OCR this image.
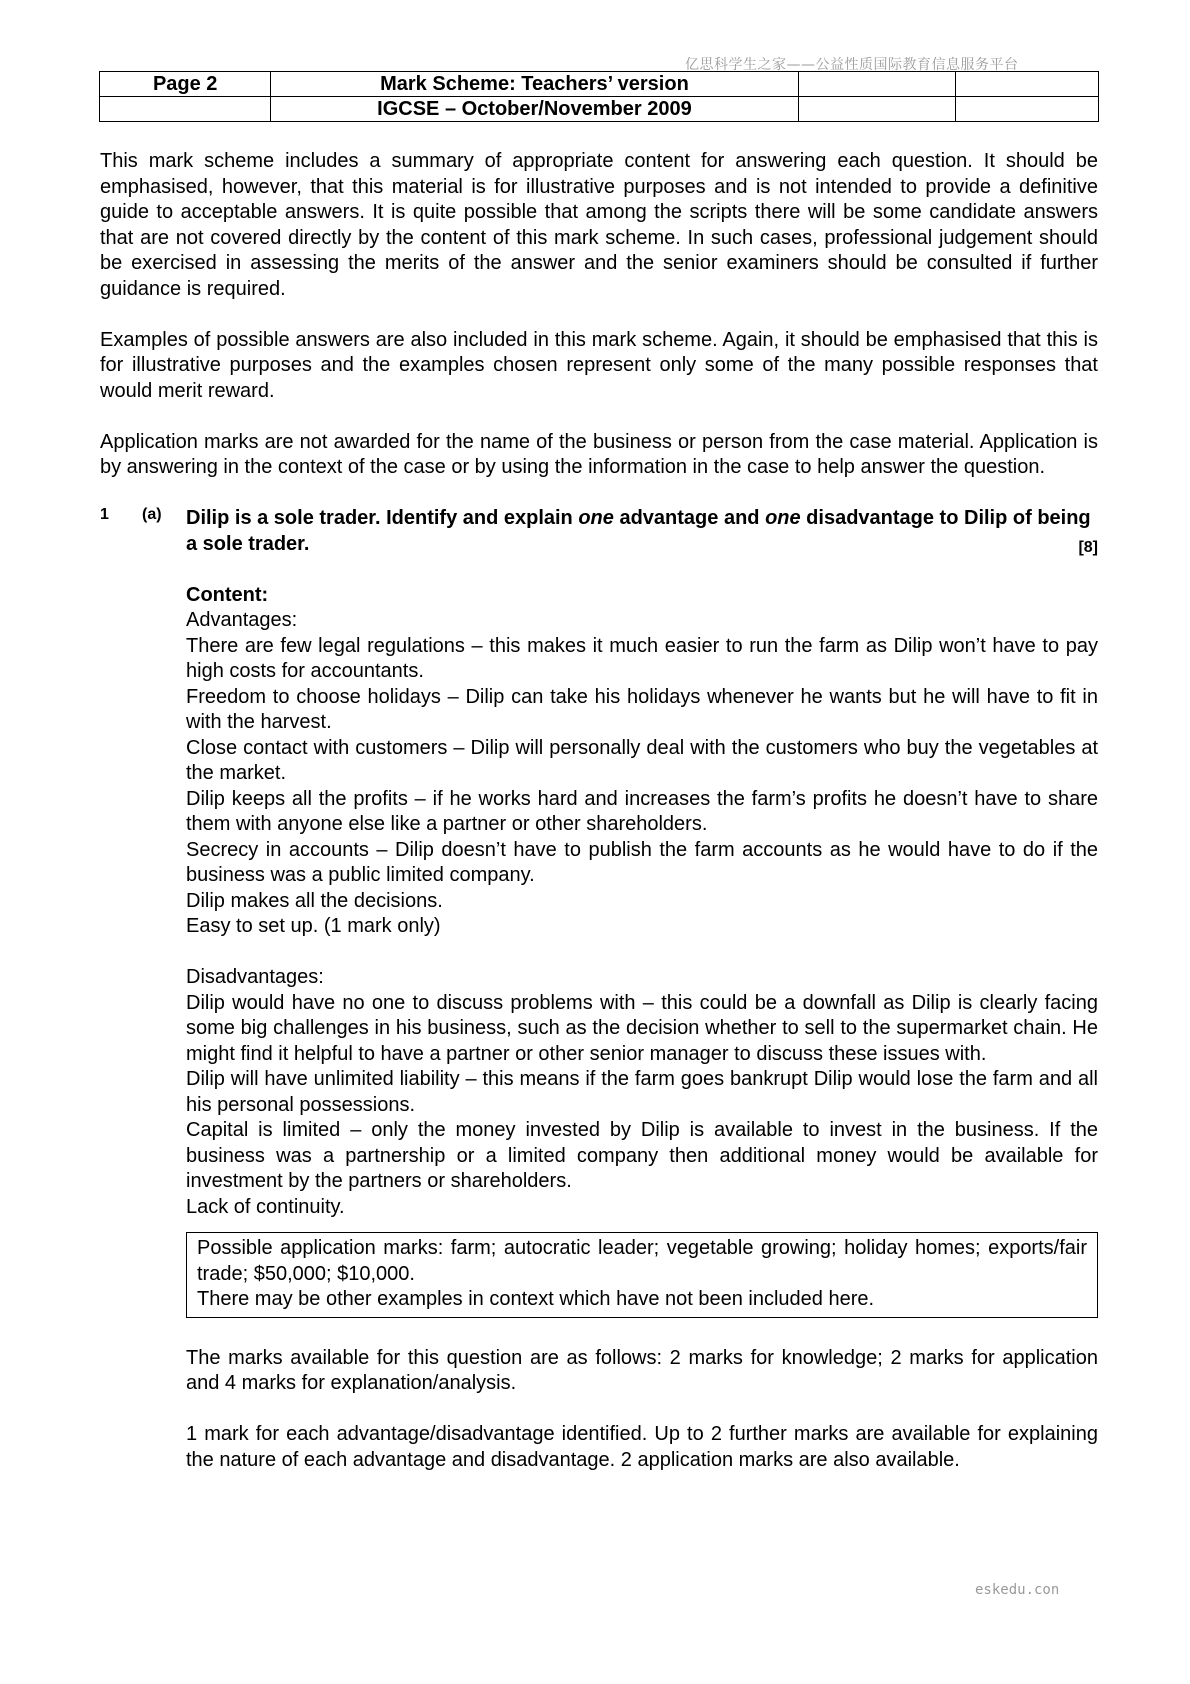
亿思科学生之家——公益性质国际教育信息服务平台
Page 2	Mark Scheme: Teachers’ version		
	IGCSE – October/November 2009		

This mark scheme includes a summary of appropriate content for answering each question. It should be emphasised, however, that this material is for illustrative purposes and is not intended to provide a definitive guide to acceptable answers. It is quite possible that among the scripts there will be some candidate answers that are not covered directly by the content of this mark scheme. In such cases, professional judgement should be exercised in assessing the merits of the answer and the senior examiners should be consulted if further guidance is required.

Examples of possible answers are also included in this mark scheme. Again, it should be emphasised that this is for illustrative purposes and the examples chosen represent only some of the many possible responses that would merit reward.

Application marks are not awarded for the name of the business or person from the case material. Application is by answering in the context of the case or by using the information in the case to help answer the question.

1 (a) Dilip is a sole trader. Identify and explain one advantage and one disadvantage to Dilip of being a sole trader.	[8]

Content:

Advantages:

There are few legal regulations – this makes it much easier to run the farm as Dilip won’t have to pay high costs for accountants.

Freedom to choose holidays – Dilip can take his holidays whenever he wants but he will have to fit in with the harvest.

Close contact with customers – Dilip will personally deal with the customers who buy the vegetables at the market.

Dilip keeps all the profits – if he works hard and increases the farm’s profits he doesn’t have to share them with anyone else like a partner or other shareholders.

Secrecy in accounts – Dilip doesn’t have to publish the farm accounts as he would have to do if the business was a public limited company.

Dilip makes all the decisions.

Easy to set up. (1 mark only)

Disadvantages:

Dilip would have no one to discuss problems with – this could be a downfall as Dilip is clearly facing some big challenges in his business, such as the decision whether to sell to the supermarket chain. He might find it helpful to have a partner or other senior manager to discuss these issues with.

Dilip will have unlimited liability – this means if the farm goes bankrupt Dilip would lose the farm and all his personal possessions.

Capital is limited – only the money invested by Dilip is available to invest in the business. If the business was a partnership or a limited company then additional money would be available for investment by the partners or shareholders.

Lack of continuity.

Possible application marks: farm; autocratic leader; vegetable growing; holiday homes; exports/fair trade; $50,000; $10,000.

There may be other examples in context which have not been included here.

The marks available for this question are as follows: 2 marks for knowledge; 2 marks for application and 4 marks for explanation/analysis.

1 mark for each advantage/disadvantage identified. Up to 2 further marks are available for explaining the nature of each advantage and disadvantage. 2 application marks are also available.

eskedu.con
